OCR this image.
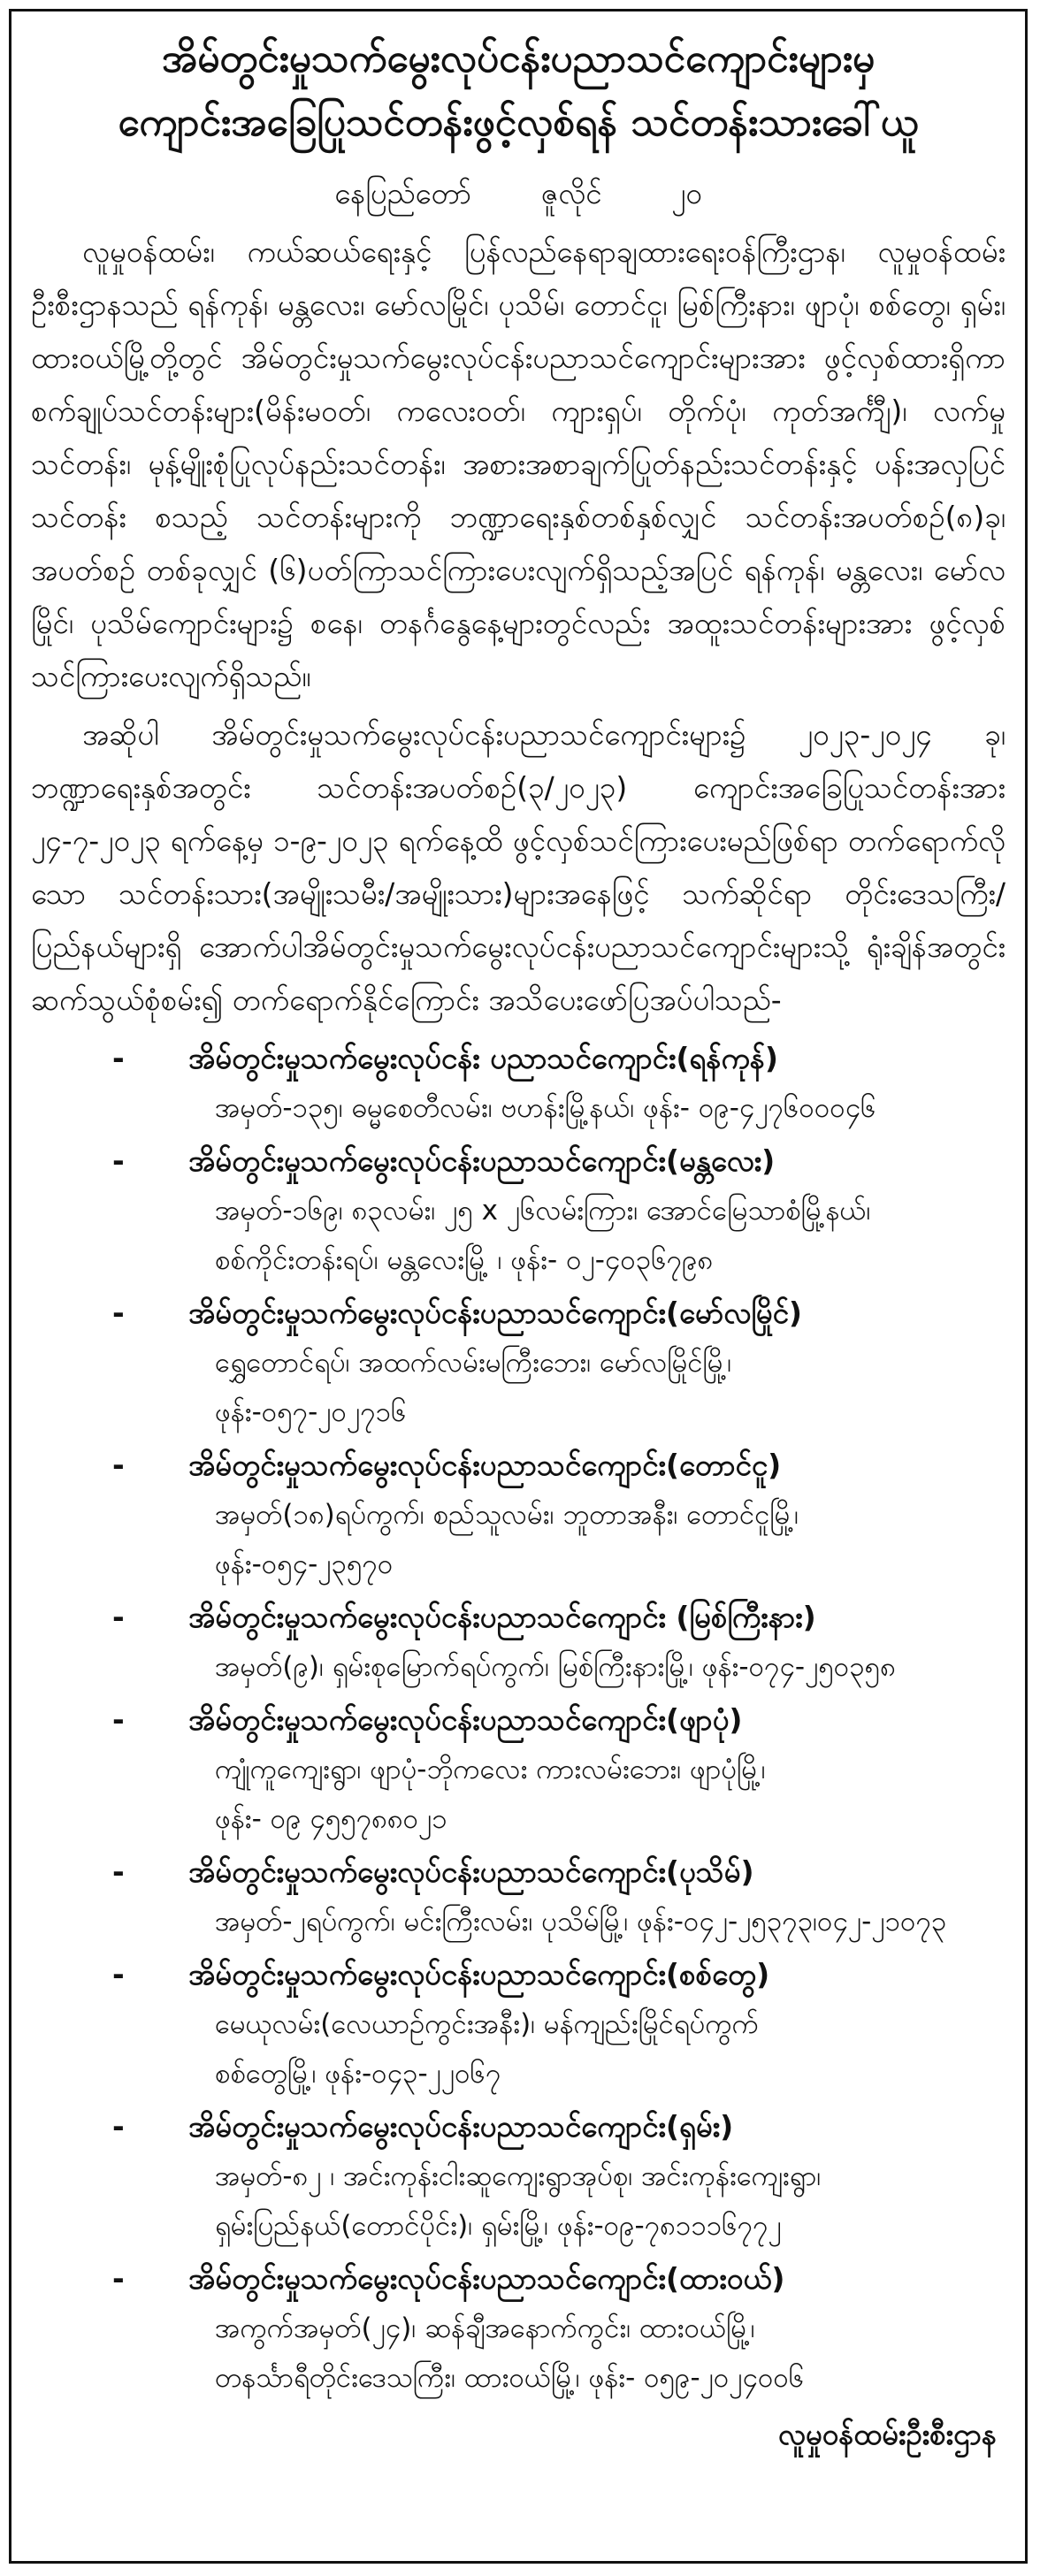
အိမ်တွင်းမှုသက်မွေးလုပ်ငန်းပညာသင်ကျောင်းများမှ
ကျောင်းအခြေပြုသင်တန်းဖွင့်လှစ်ရန် သင်တန်းသားခေါ်ယူ
နေပြည်တော် ဇူလိုင် ၂၀

လူမှုဝန်ထမ်း၊ ကယ်ဆယ်ရေးနှင့် ပြန်လည်နေရာချထားရေးဝန်ကြီးဌာန၊ လူမှုဝန်ထမ်းဦးစီးဌာနသည် ရန်ကုန်၊ မန္တလေး၊ မော်လမြိုင်၊ ပုသိမ်၊ တောင်ငူ၊ မြစ်ကြီးနား၊ ဖျာပုံ၊ စစ်တွေ၊ ရှမ်း၊ ထားဝယ်မြို့တို့တွင် အိမ်တွင်းမှုသက်မွေးလုပ်ငန်းပညာသင်ကျောင်းများအား ဖွင့်လှစ်ထားရှိကာ စက်ချုပ်သင်တန်းများ(မိန်းမဝတ်၊ ကလေးဝတ်၊ ကျားရှပ်၊ တိုက်ပုံ၊ ကုတ်အင်္ကျီ)၊ လက်မှုသင်တန်း၊ မုန့်မျိုးစုံပြုလုပ်နည်းသင်တန်း၊ အစားအစာချက်ပြုတ်နည်းသင်တန်းနှင့် ပန်းအလှပြင်သင်တန်း စသည့် သင်တန်းများကို ဘဏ္ဍာရေးနှစ်တစ်နှစ်လျှင် သင်တန်းအပတ်စဉ်(၈)ခု၊ အပတ်စဉ် တစ်ခုလျှင် (၆)ပတ်ကြာသင်ကြားပေးလျက်ရှိသည့်အပြင် ရန်ကုန်၊ မန္တလေး၊ မော်လမြိုင်၊ ပုသိမ်ကျောင်းများ၌ စနေ၊ တနင်္ဂနွေနေ့များတွင်လည်း အထူးသင်တန်းများအား ဖွင့်လှစ်သင်ကြားပေးလျက်ရှိသည်။

အဆိုပါ အိမ်တွင်းမှုသက်မွေးလုပ်ငန်းပညာသင်ကျောင်းများ၌ ၂၀၂၃-၂၀၂၄ ခု၊ ဘဏ္ဍာရေးနှစ်အတွင်း သင်တန်းအပတ်စဉ်(၃/၂၀၂၃) ကျောင်းအခြေပြုသင်တန်းအား ၂၄-၇-၂၀၂၃ ရက်နေ့မှ ၁-၉-၂၀၂၃ ရက်နေ့ထိ ဖွင့်လှစ်သင်ကြားပေးမည်ဖြစ်ရာ တက်ရောက်လိုသော သင်တန်းသား(အမျိုးသမီး/အမျိုးသား)များအနေဖြင့် သက်ဆိုင်ရာ တိုင်းဒေသကြီး/ ပြည်နယ်များရှိ အောက်ပါအိမ်တွင်းမှုသက်မွေးလုပ်ငန်းပညာသင်ကျောင်းများသို့ ရုံးချိန်အတွင်း ဆက်သွယ်စုံစမ်း၍ တက်ရောက်နိုင်ကြောင်း အသိပေးဖော်ပြအပ်ပါသည်-

- အိမ်တွင်းမှုသက်မွေးလုပ်ငန်း ပညာသင်ကျောင်း(ရန်ကုန်)

အမှတ်-၁၃၅၊ ဓမ္မစေတီလမ်း၊ ဗဟန်းမြို့နယ်၊ ဖုန်း- ၀၉-၄၂၇၆၀၀၀၄၆

- အိမ်တွင်းမှုသက်မွေးလုပ်ငန်းပညာသင်ကျောင်း(မန္တလေး)

အမှတ်-၁၆၉၊ ၈၃လမ်း၊ ၂၅ x ၂၆လမ်းကြား၊ အောင်မြေသာစံမြို့နယ်၊

စစ်ကိုင်းတန်းရပ်၊ မန္တလေးမြို့ ၊ ဖုန်း- ၀၂-၄၀၃၆၇၉၈

- အိမ်တွင်းမှုသက်မွေးလုပ်ငန်းပညာသင်ကျောင်း(မော်လမြိုင်)

ရွှေတောင်ရပ်၊ အထက်လမ်းမကြီးဘေး၊ မော်လမြိုင်မြို့၊

ဖုန်း-၀၅၇-၂၀၂၇၁၆

- အိမ်တွင်းမှုသက်မွေးလုပ်ငန်းပညာသင်ကျောင်း(တောင်ငူ)

အမှတ်(၁၈)ရပ်ကွက်၊ စည်သူလမ်း၊ ဘူတာအနီး၊ တောင်ငူမြို့၊

ဖုန်း-၀၅၄-၂၃၅၇၀

- အိမ်တွင်းမှုသက်မွေးလုပ်ငန်းပညာသင်ကျောင်း (မြစ်ကြီးနား)

အမှတ်(၉)၊ ရှမ်းစုမြောက်ရပ်ကွက်၊ မြစ်ကြီးနားမြို့၊ ဖုန်း-၀၇၄-၂၅၀၃၅၈

- အိမ်တွင်းမှုသက်မွေးလုပ်ငန်းပညာသင်ကျောင်း(ဖျာပုံ)

ကျုံကူကျေးရွာ၊ ဖျာပုံ-ဘိုကလေး ကားလမ်းဘေး၊ ဖျာပုံမြို့၊

ဖုန်း- ၀၉ ၄၅၅၇၈၈၀၂၁

- အိမ်တွင်းမှုသက်မွေးလုပ်ငန်းပညာသင်ကျောင်း(ပုသိမ်)

အမှတ်-၂ရပ်ကွက်၊ မင်းကြီးလမ်း၊ ပုသိမ်မြို့၊ ဖုန်း-၀၄၂-၂၅၃၇၃၊၀၄၂-၂၁၀၇၃

- အိမ်တွင်းမှုသက်မွေးလုပ်ငန်းပညာသင်ကျောင်း(စစ်တွေ)

မေယုလမ်း(လေယာဉ်ကွင်းအနီး)၊ မန်ကျည်းမြိုင်ရပ်ကွက်

စစ်တွေမြို့၊ ဖုန်း-၀၄၃-၂၂၀၆၇

- အိမ်တွင်းမှုသက်မွေးလုပ်ငန်းပညာသင်ကျောင်း(ရှမ်း)

အမှတ်-၈၂ ၊ အင်းကုန်းငါးဆူကျေးရွာအုပ်စု၊ အင်းကုန်းကျေးရွာ၊

ရှမ်းပြည်နယ်(တောင်ပိုင်း)၊ ရှမ်းမြို့၊ ဖုန်း-၀၉-၇၈၁၁၁၆၇၇၂

- အိမ်တွင်းမှုသက်မွေးလုပ်ငန်းပညာသင်ကျောင်း(ထားဝယ်)

အကွက်အမှတ်(၂၄)၊ ဆန်ချီအနောက်ကွင်း၊ ထားဝယ်မြို့၊

တနင်္သာရီတိုင်းဒေသကြီး၊ ထားဝယ်မြို့၊ ဖုန်း- ၀၅၉-၂၀၂၄၀၀၆

လူမှုဝန်ထမ်းဦးစီးဌာန
